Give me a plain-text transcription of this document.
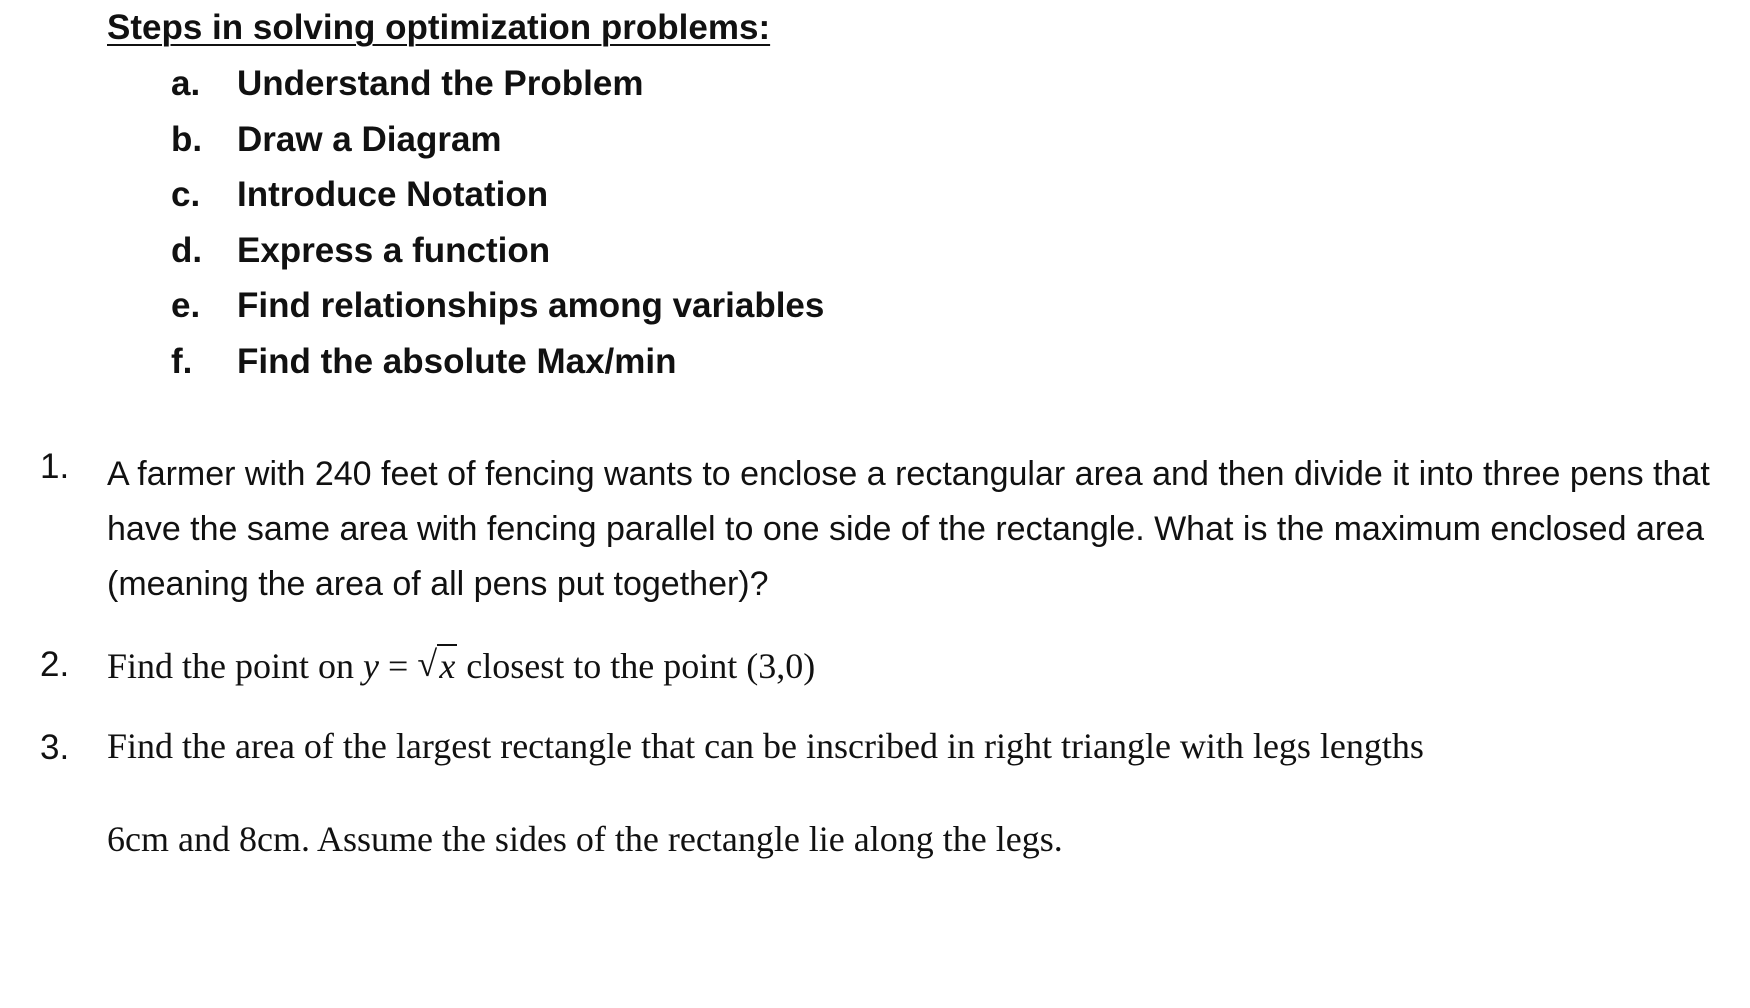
Steps in solving optimization problems:
a. Understand the Problem
b. Draw a Diagram
c. Introduce Notation
d. Express a function
e. Find relationships among variables
f. Find the absolute Max/min
1. A farmer with 240 feet of fencing wants to enclose a rectangular area and then divide it into three pens that have the same area with fencing parallel to one side of the rectangle. What is the maximum enclosed area (meaning the area of all pens put together)?
2. Find the point on y = √ x closest to the point (3,0)
3. Find the area of the largest rectangle that can be inscribed in right triangle with legs lengths
6cm and 8cm. Assume the sides of the rectangle lie along the legs.
